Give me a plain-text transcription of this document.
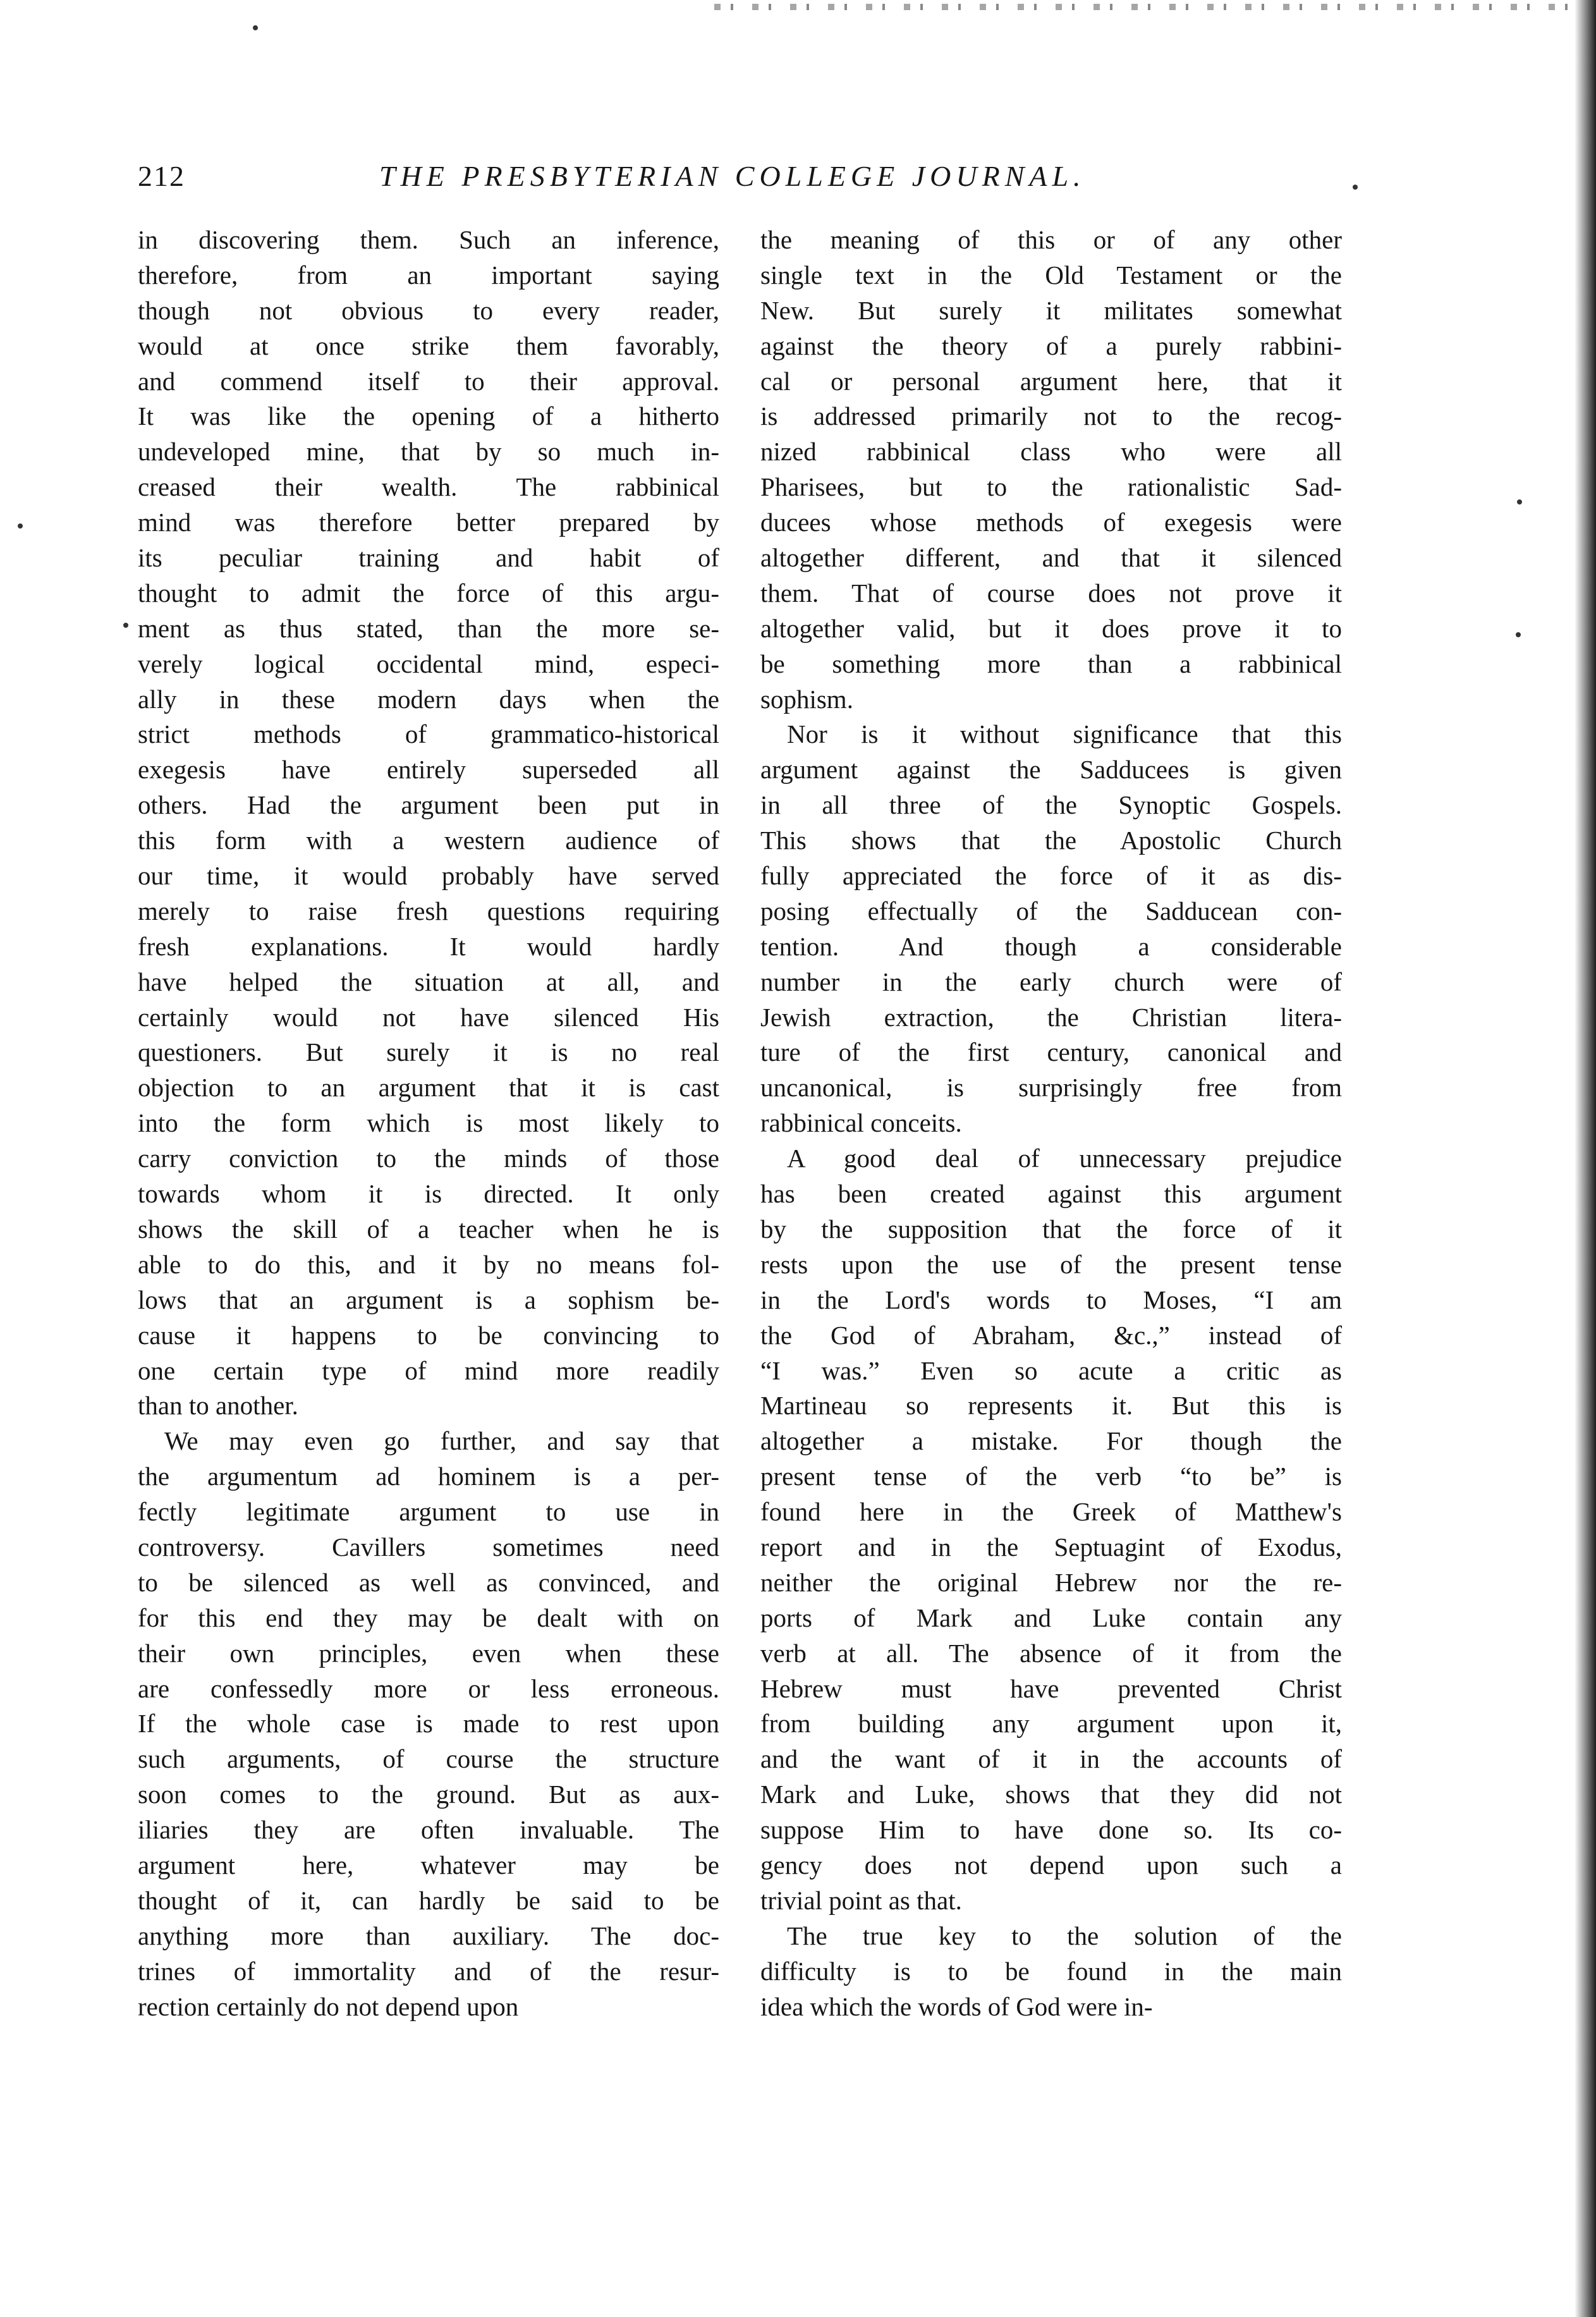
212	THE PRESBYTERIAN COLLEGE JOURNAL.
in discovering them. Such an inference,
therefore, from an important saying
though not obvious to every reader,
would at once strike them favorably,
and commend itself to their approval.
It was like the opening of a hitherto
undeveloped mine, that by so much in-
creased their wealth. The rabbinical
mind was therefore better prepared by
its peculiar training and habit of
thought to admit the force of this argu-
ment as thus stated, than the more se-
verely logical occidental mind, especi-
ally in these modern days when the
strict methods of grammatico-historical
exegesis have entirely superseded all
others. Had the argument been put in
this form with a western audience of
our time, it would probably have served
merely to raise fresh questions requiring
fresh explanations. It would hardly
have helped the situation at all, and
certainly would not have silenced His
questioners. But surely it is no real
objection to an argument that it is cast
into the form which is most likely to
carry conviction to the minds of those
towards whom it is directed. It only
shows the skill of a teacher when he is
able to do this, and it by no means fol-
lows that an argument is a sophism be-
cause it happens to be convincing to
one certain type of mind more readily
than to another.
We may even go further, and say that
the argumentum ad hominem is a per-
fectly legitimate argument to use in
controversy. Cavillers sometimes need
to be silenced as well as convinced, and
for this end they may be dealt with on
their own principles, even when these
are confessedly more or less erroneous.
If the whole case is made to rest upon
such arguments, of course the structure
soon comes to the ground. But as aux-
iliaries they are often invaluable. The
argument here, whatever may be
thought of it, can hardly be said to be
anything more than auxiliary. The doc-
trines of immortality and of the resur-
rection certainly do not depend upon
the meaning of this or of any other
single text in the Old Testament or the
New. But surely it militates somewhat
against the theory of a purely rabbini-
cal or personal argument here, that it
is addressed primarily not to the recog-
nized rabbinical class who were all
Pharisees, but to the rationalistic Sad-
ducees whose methods of exegesis were
altogether different, and that it silenced
them. That of course does not prove it
altogether valid, but it does prove it to
be something more than a rabbinical
sophism.
Nor is it without significance that this
argument against the Sadducees is given
in all three of the Synoptic Gospels.
This shows that the Apostolic Church
fully appreciated the force of it as dis-
posing effectually of the Sadducean con-
tention. And though a considerable
number in the early church were of
Jewish extraction, the Christian litera-
ture of the first century, canonical and
uncanonical, is surprisingly free from
rabbinical conceits.
A good deal of unnecessary prejudice
has been created against this argument
by the supposition that the force of it
rests upon the use of the present tense
in the Lord's words to Moses, “I am
the God of Abraham, &c.,” instead of
“I was.” Even so acute a critic as
Martineau so represents it. But this is
altogether a mistake. For though the
present tense of the verb “to be” is
found here in the Greek of Matthew's
report and in the Septuagint of Exodus,
neither the original Hebrew nor the re-
ports of Mark and Luke contain any
verb at all. The absence of it from the
Hebrew must have prevented Christ
from building any argument upon it,
and the want of it in the accounts of
Mark and Luke, shows that they did not
suppose Him to have done so. Its co-
gency does not depend upon such a
trivial point as that.
The true key to the solution of the
difficulty is to be found in the main
idea which the words of God were in-
